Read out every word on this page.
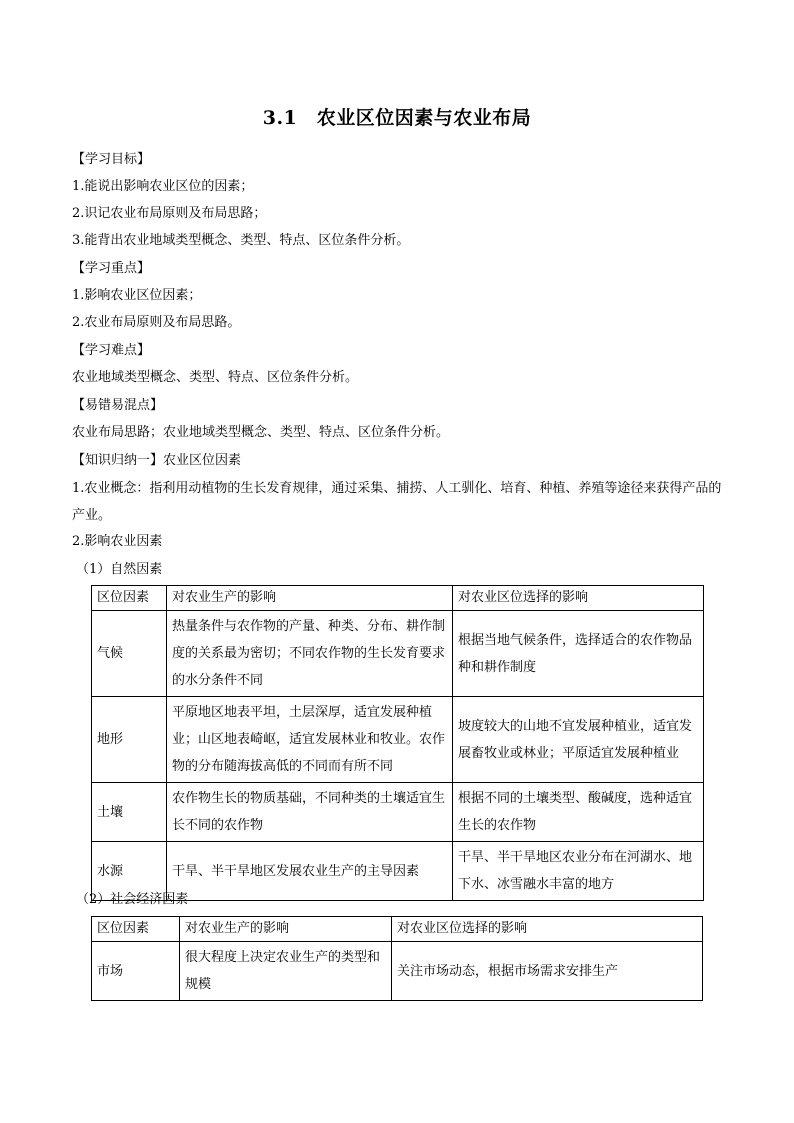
3.1　农业区位因素与农业布局
【学习目标】
1.能说出影响农业区位的因素；
2.识记农业布局原则及布局思路；
3.能背出农业地域类型概念、类型、特点、区位条件分析。
【学习重点】
1.影响农业区位因素；
2.农业布局原则及布局思路。
【学习难点】
农业地域类型概念、类型、特点、区位条件分析。
【易错易混点】
农业布局思路；农业地域类型概念、类型、特点、区位条件分析。
【知识归纳一】农业区位因素
1.农业概念：指利用动植物的生长发育规律，通过采集、捕捞、人工驯化、培育、种植、养殖等途径来获得产品的产业。
2.影响农业因素
（1）自然因素
区位因素	对农业生产的影响	对农业区位选择的影响
气候	热量条件与农作物的产量、种类、分布、耕作制度的关系最为密切；不同农作物的生长发育要求的水分条件不同	根据当地气候条件，选择适合的农作物品种和耕作制度
地形	平原地区地表平坦，土层深厚，适宜发展种植业；山区地表崎岖，适宜发展林业和牧业。农作物的分布随海拔高低的不同而有所不同	坡度较大的山地不宜发展种植业，适宜发展畜牧业或林业；平原适宜发展种植业
土壤	农作物生长的物质基础，不同种类的土壤适宜生长不同的农作物	根据不同的土壤类型、酸碱度，选种适宜生长的农作物
水源	干旱、半干旱地区发展农业生产的主导因素	干旱、半干旱地区农业分布在河湖水、地下水、冰雪融水丰富的地方
（2）社会经济因素
区位因素	对农业生产的影响	对农业区位选择的影响
市场	很大程度上决定农业生产的类型和规模	关注市场动态，根据市场需求安排生产
